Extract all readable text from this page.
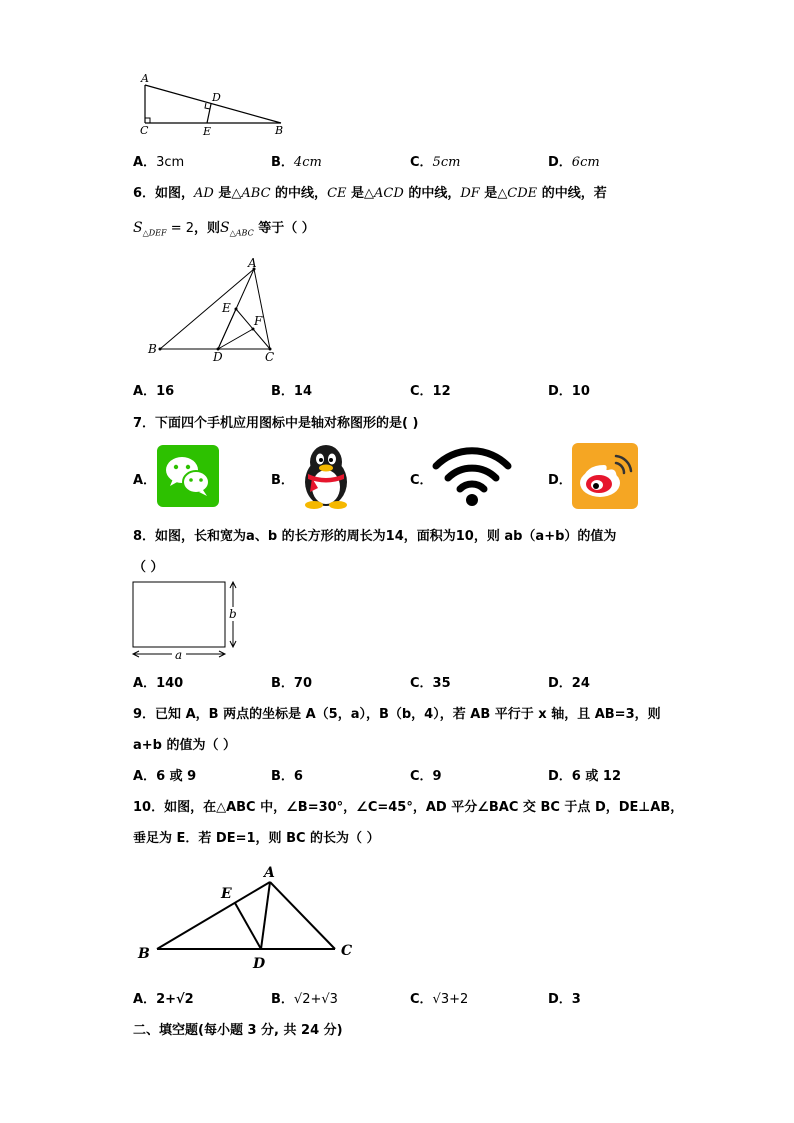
A
C
D
E	B
A．3cm	B．4cm	C．5cm	D．6cm
6．如图，AD 是△ABC 的中线，CE 是△ACD 的中线，DF 是△CDE 的中线，若
$S_{\triangle DEF} = 2$，则$S_{\triangle ABC}$ 等于（ ）
A
E
F
B
D	C
A．16	B．14	C．12	D．10
7．下面四个手机应用图标中是轴对称图形的是( )
A．	B．	C．	D．
8．如图，长和宽为a、b 的长方形的周长为14，面积为10，则 ab（a+b）的值为
（ ）
a
b
A．140	B．70	C．35	D．24
9．已知 A，B 两点的坐标是 A（5，a），B（b，4），若 AB 平行于 x 轴，且 AB=3，则
a+b 的值为（ ）
A．6 或 9	B．6	C．9	D．6 或 12
10．如图，在△ABC 中，∠B=30°，∠C=45°，AD 平分∠BAC 交 BC 于点 D，DE⊥AB，
垂足为 E．若 DE=1，则 BC 的长为（ ）
A
E
B
D
C
A．2+√2	B．√2+√3	C．√3+2	D．3
二、填空题(每小题 3 分, 共 24 分)
